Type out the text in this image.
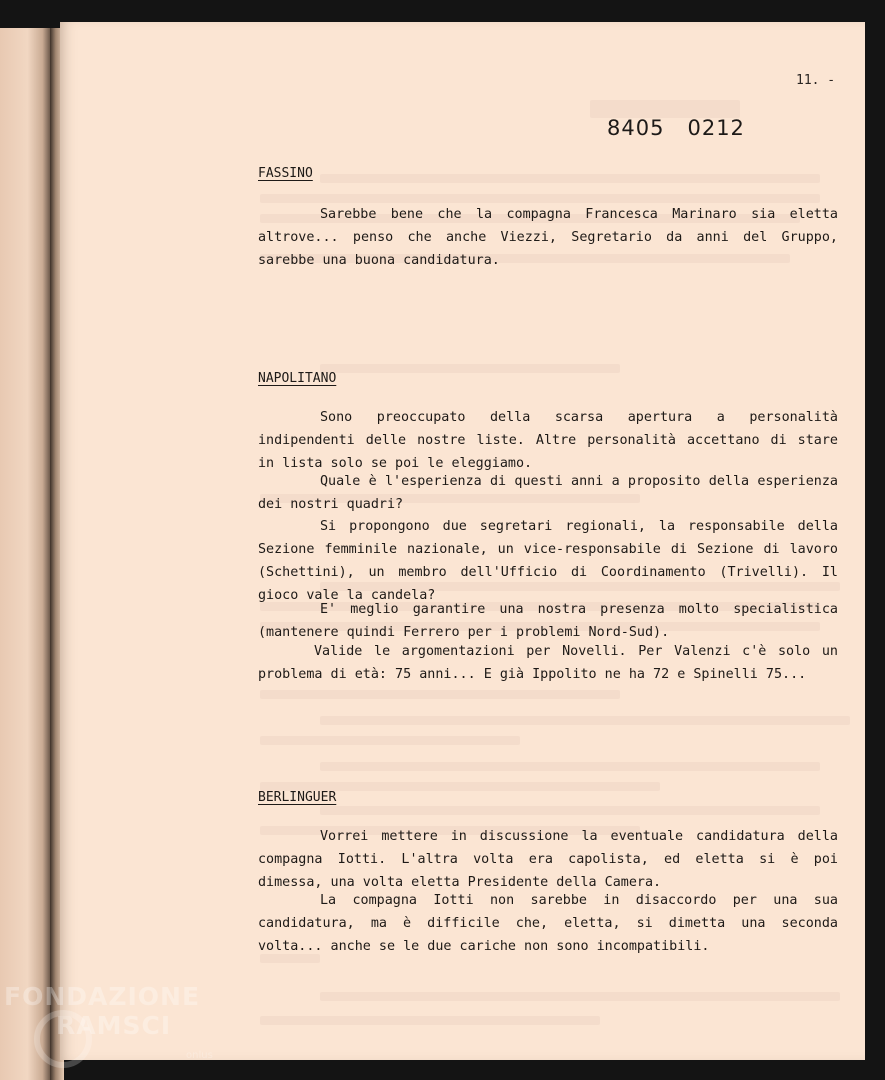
11. -
8405   0212
FASSINO

Sarebbe bene che la compagna Francesca Marinaro sia eletta altrove... penso che anche Viezzi, Segretario da anni del Gruppo, sarebbe una buona candidatura.

NAPOLITANO

Sono preoccupato della scarsa apertura a personalità indipendenti delle nostre liste. Altre personalità accettano di stare in lista solo se poi le eleggiamo.

Quale è l'esperienza di questi anni a proposito della esperienza dei nostri quadri?

Si propongono due segretari regionali, la responsabile della Sezione femminile nazionale, un vice-responsabile di Sezione di lavoro (Schettini), un membro dell'Ufficio di Coordinamento (Trivelli). Il gioco vale la candela?

E' meglio garantire una nostra presenza molto specialistica (mantenere quindi Ferrero per i problemi Nord-Sud).

Valide le argomentazioni per Novelli. Per Valenzi c'è solo un problema di età: 75 anni... E già Ippolito ne ha 72 e Spinelli 75...

BERLINGUER

Vorrei mettere in discussione la eventuale candidatura della compagna Iotti. L'altra volta era capolista, ed eletta si è poi dimessa, una volta eletta Presidente della Camera.

La compagna Iotti non sarebbe in disaccordo per una sua candidatura, ma è difficile che, eletta, si dimetta una seconda volta... anche se le due cariche non sono incompatibili.

FONDAZIONE
RAMSCI
onlus
